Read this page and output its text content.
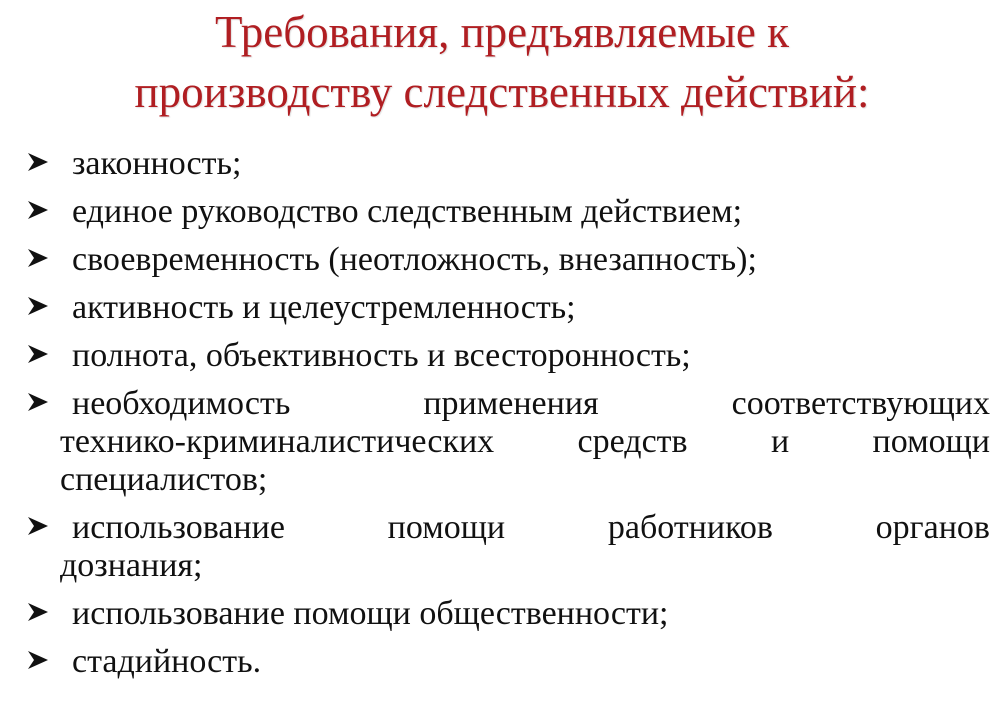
Требования, предъявляемые к
производству следственных действий:
законность;
единое руководство следственным действием;
своевременность (неотложность, внезапность);
активность и целеустремленность;
полнота, объективность и всесторонность;
необходимость	применения	соответствующих
технико-криминалистических средств и помощи
специалистов;
использование	помощи	работников	органов
дознания;
использование помощи общественности;
стадийность.
